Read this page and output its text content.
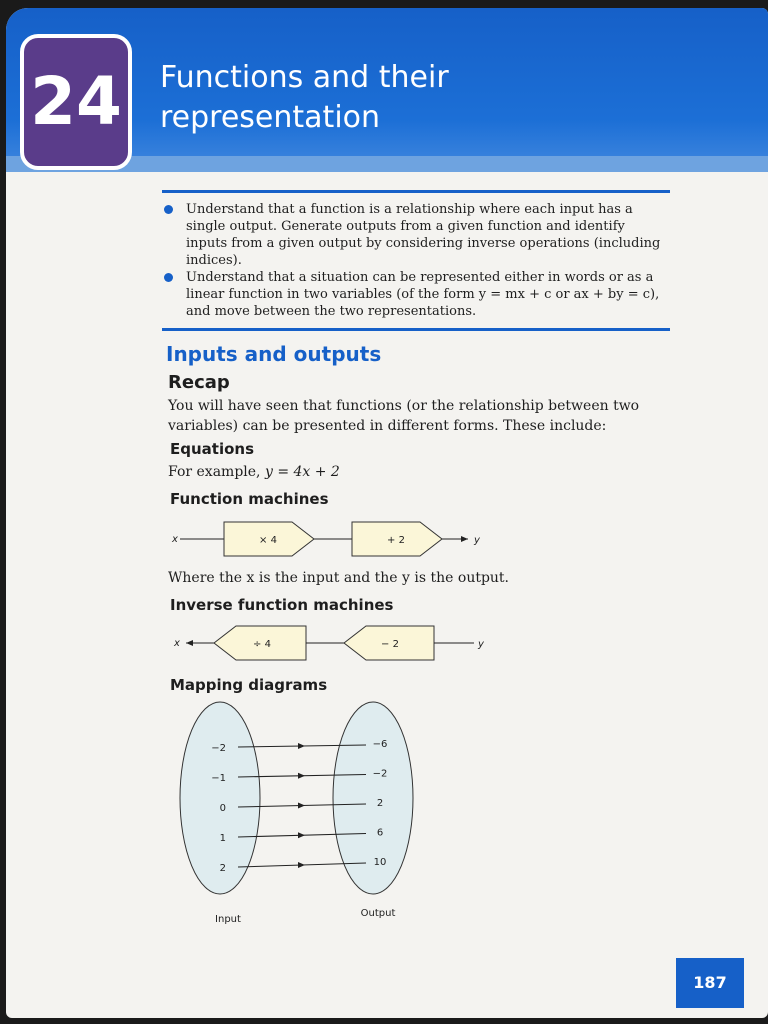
24	Functions and their
representation
Understand that a function is a relationship where each input has a single output. Generate outputs from a given function and identify inputs from a given output by considering inverse operations (including indices).
Understand that a situation can be represented either in words or as a linear function in two variables (of the form y = mx + c or ax + by = c), and move between the two representations.
Inputs and outputs
Recap
You will have seen that functions (or the relationship between two variables) can be presented in different forms. These include:
Equations
For example, y = 4x + 2
Function machines
x	× 4	+ 2	y
Where the x is the input and the y is the output.
Inverse function machines
x	÷ 4	− 2	y
Mapping diagrams
−2	−6
−1	−2
0	2
1	6
2
10
Input
Output
187
